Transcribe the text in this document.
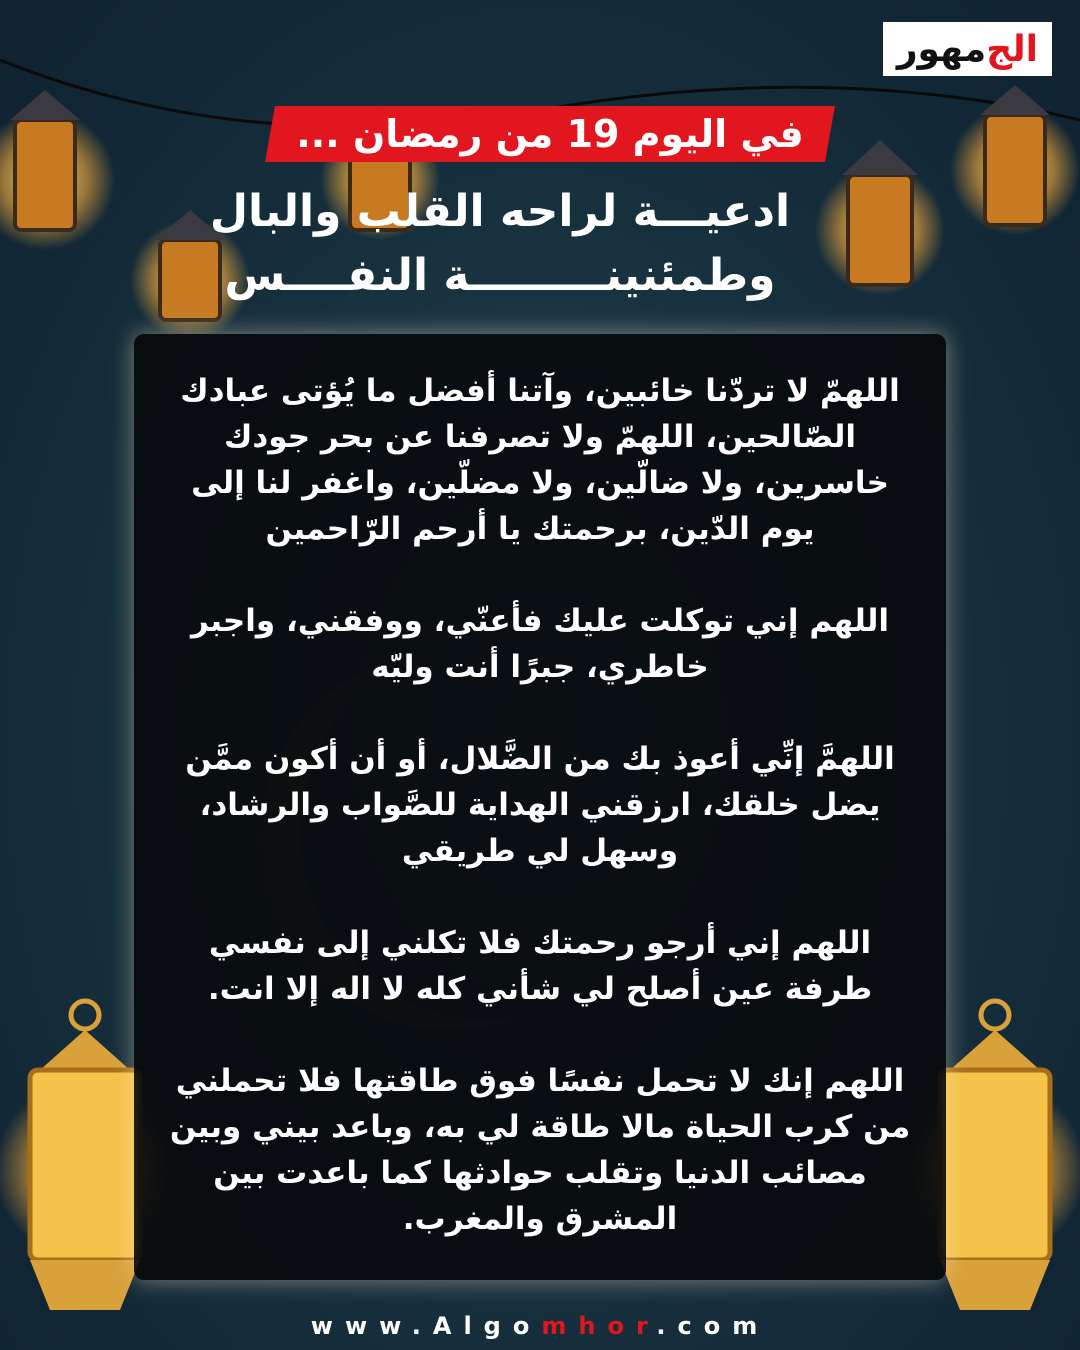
الج
مهور
في اليوم 19 من رمضان ...
ادعيـــة لراحه القلب والبال
وطمئنينـــــــــة النفــــس

اللهمّ لا تردّنا خائبين، وآتنا أفضل ما يُؤتى عبادك الصّالحين، اللهمّ ولا تصرفنا عن بحر جودك خاسرين، ولا ضالّين، ولا مضلّين، واغفر لنا إلى يوم الدّين، برحمتك يا أرحم الرّاحمين

اللهم إني توكلت عليك فأعنّي، ووفقني، واجبر خاطري، جبرًا أنت وليّه

اللهمَّ إنِّي أعوذ بك من الضَّلال، أو أن أكون ممَّن يضل خلقك، ارزقني الهداية للصَّواب والرشاد، وسهل لي طريقي

اللهم إني أرجو رحمتك فلا تكلني إلى نفسي طرفة عين أصلح لي شأني كله لا اله إلا انت.

اللهم إنك لا تحمل نفسًا فوق طاقتها فلا تحملني من كرب الحياة مالا طاقة لي به، وباعد بيني وبين مصائب الدنيا وتقلب حوادثها كما باعدت بين المشرق والمغرب.

www.Algomhor.com
